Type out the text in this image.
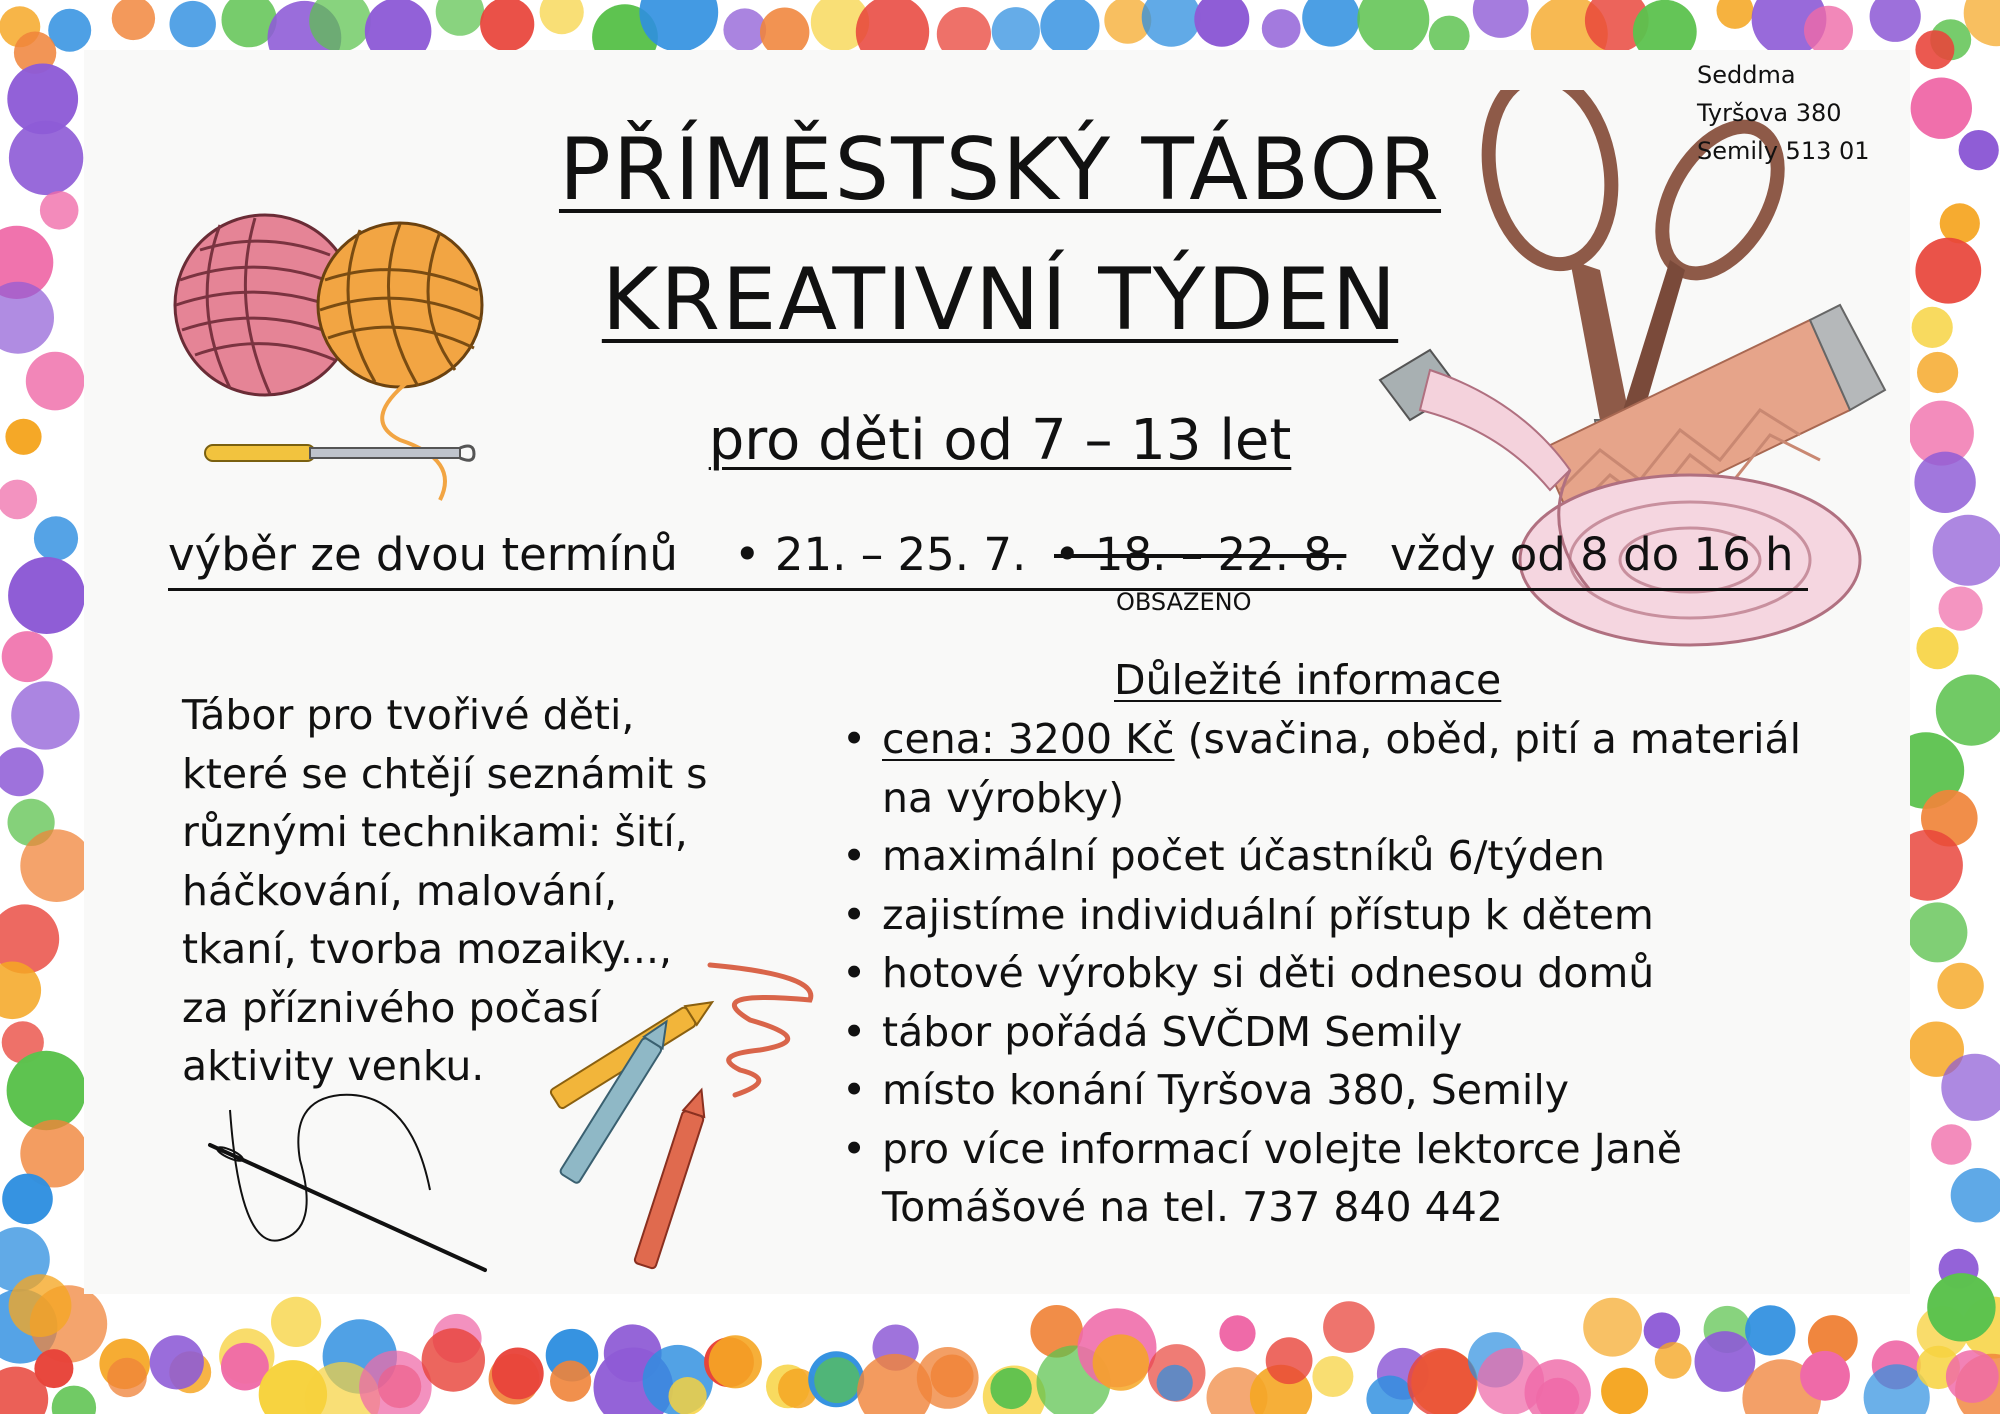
Seddma
Tyršova 380
Semily 513 01
PŘÍMĚSTSKÝ TÁBOR
KREATIVNÍ TÝDEN
pro děti od 7 – 13 let
výběr ze dvou termínů • 21. – 25. 7. • 18. – 22. 8. vždy od 8 do 16 h
OBSAZENO
Tábor pro tvořivé děti,
které se chtějí seznámit s
různými technikami: šití,
háčkování, malování,
tkaní, tvorba mozaiky...,
za příznivého počasí
aktivity venku.
Důležité informace
•
cena: 3200 Kč (svačina, oběd, pití a materiál na výrobky)
• maximální počet účastníků 6/týden
• zajistíme individuální přístup k dětem
• hotové výrobky si děti odnesou domů
• tábor pořádá SVČDM Semily
• místo konání Tyršova 380, Semily
• pro více informací volejte lektorce Janě Tomášové na tel. 737 840 442
